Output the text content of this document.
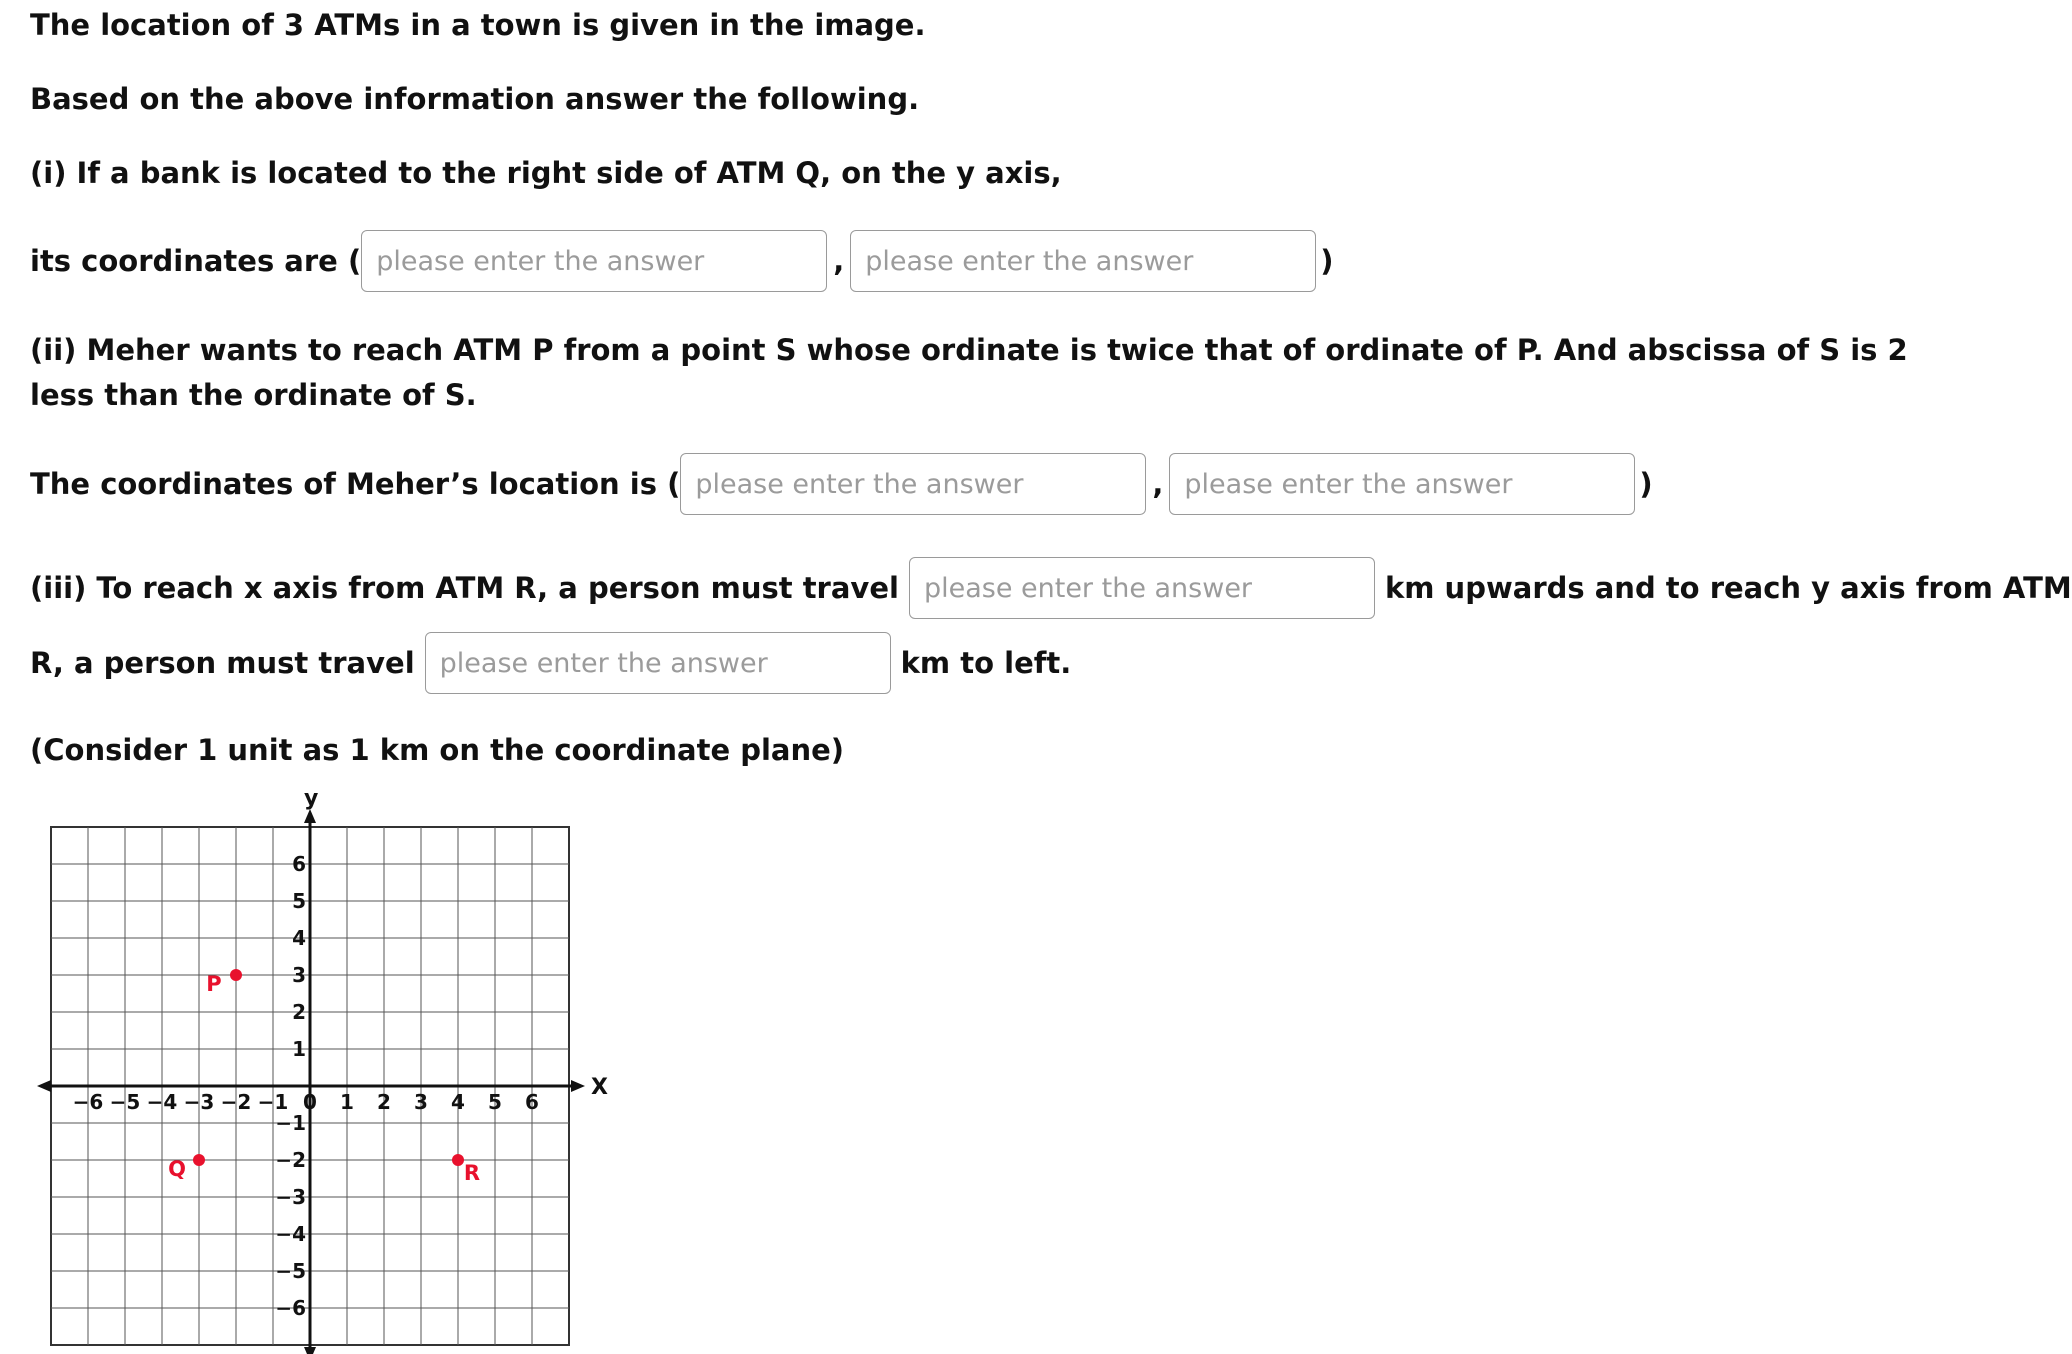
The location of 3 ATMs in a town is given in the image.
Based on the above information answer the following.
(i) If a bank is located to the right side of ATM Q, on the y axis,
its coordinates are (
please enter the answer	,
please enter the answer	)
(ii) Meher wants to reach ATM P from a point S whose ordinate is twice that of ordinate of P. And abscissa of S is 2 less than the ordinate of S.
The coordinates of Meher’s location is (
please enter the answer	,
please enter the answer	)
(iii) To reach x axis from ATM R, a person must travel
please enter the answer	km upwards and to reach y axis from ATM
R, a person must travel
please enter the answer	km to left.
(Consider 1 unit as 1 km on the coordinate plane)
X
y
−6 −5 −4 −3 −2 −1 0 1 2 3 4 5 6
−6
−5
−4
−3
−2
−1
1
2
3
4
5
6
P
Q	R
